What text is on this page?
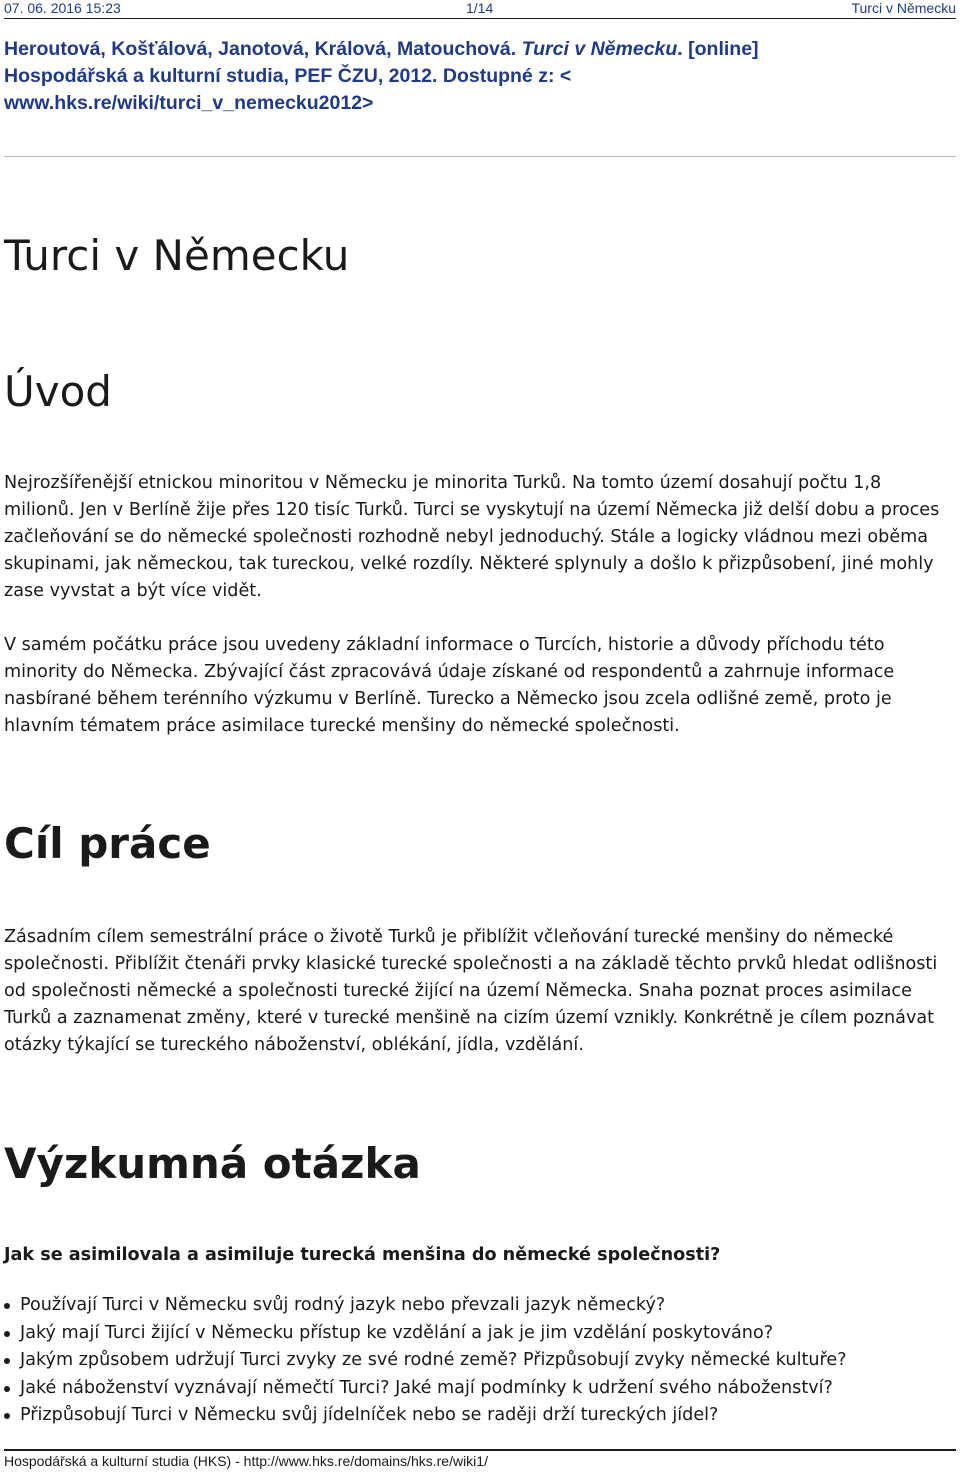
07. 06. 2016 15:23	1/14	Turci v Německu
Heroutová, Košťálová, Janotová, Králová, Matouchová. Turci v Německu. [online]
Hospodářská a kulturní studia, PEF ČZU, 2012. Dostupné z: <
www.hks.re/wiki/turci_v_nemecku2012>
Turci v Německu
Úvod

Nejrozšířenější etnickou minoritou v Německu je minorita Turků. Na tomto území dosahují počtu 1,8 milionů. Jen v Berlíně žije přes 120 tisíc Turků. Turci se vyskytují na území Německa již delší dobu a proces začleňování se do německé společnosti rozhodně nebyl jednoduchý. Stále a logicky vládnou mezi oběma skupinami, jak německou, tak tureckou, velké rozdíly. Některé splynuly a došlo k přizpůsobení, jiné mohly zase vyvstat a být více vidět.

V samém počátku práce jsou uvedeny základní informace o Turcích, historie a důvody příchodu této minority do Německa. Zbývající část zpracovává údaje získané od respondentů a zahrnuje informace nasbírané během terénního výzkumu v Berlíně. Turecko a Německo jsou zcela odlišné země, proto je hlavním tématem práce asimilace turecké menšiny do německé společnosti.

Cíl práce

Zásadním cílem semestrální práce o životě Turků je přiblížit včleňování turecké menšiny do německé společnosti. Přiblížit čtenáři prvky klasické turecké společnosti a na základě těchto prvků hledat odlišnosti od společnosti německé a společnosti turecké žijící na území Německa. Snaha poznat proces asimilace Turků a zaznamenat změny, které v turecké menšině na cizím území vznikly. Konkrétně je cílem poznávat otázky týkající se tureckého náboženství, oblékání, jídla, vzdělání.

Výzkumná otázka

Jak se asimilovala a asimiluje turecká menšina do německé společnosti?

Používají Turci v Německu svůj rodný jazyk nebo převzali jazyk německý?
Jaký mají Turci žijící v Německu přístup ke vzdělání a jak je jim vzdělání poskytováno?
Jakým způsobem udržují Turci zvyky ze své rodné země? Přizpůsobují zvyky německé kultuře?
Jaké náboženství vyznávají němečtí Turci? Jaké mají podmínky k udržení svého náboženství?
Přizpůsobují Turci v Německu svůj jídelníček nebo se raději drží tureckých jídel?
Hospodářská a kulturní studia (HKS) - http://www.hks.re/domains/hks.re/wiki1/
